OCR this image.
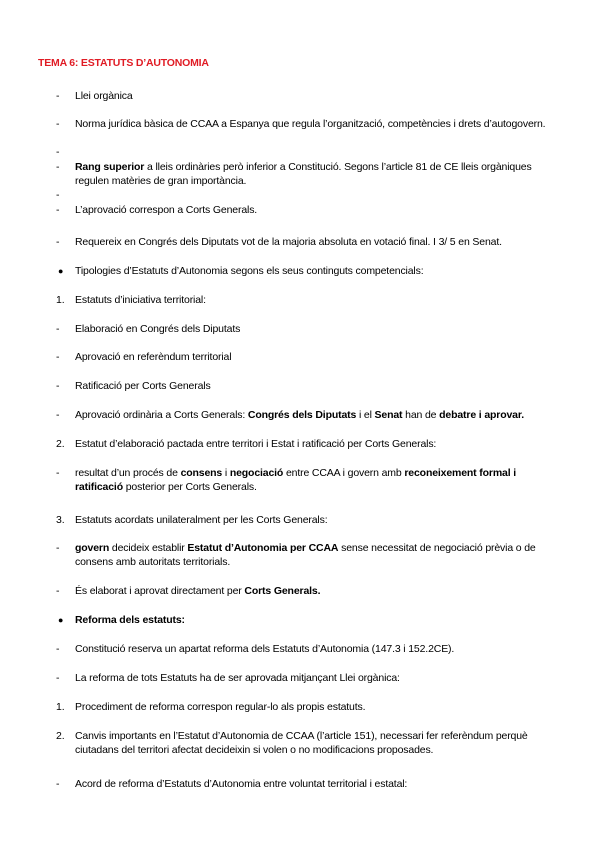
TEMA 6: ESTATUTS D’AUTONOMIA
-	Llei orgànica
-	Norma jurídica bàsica de CCAA a Espanya que regula l’organització, competències i drets d’autogovern.
-
-	Rang superior a lleis ordinàries però inferior a Constitució. Segons l’article 81 de CE lleis orgàniques regulen matèries de gran importància.
-
-	L’aprovació correspon a Corts Generals.
-	Requereix en Congrés dels Diputats vot de la majoria absoluta en votació final. I 3/ 5 en Senat.
●	Tipologies d’Estatuts d’Autonomia segons els seus continguts competencials:
1.	Estatuts d’iniciativa territorial:
-	Elaboració en Congrés dels Diputats
-	Aprovació en referèndum territorial
-	Ratificació per Corts Generals
-	Aprovació ordinària a Corts Generals: Congrés dels Diputats i el Senat han de debatre i aprovar.
2.	Estatut d’elaboració pactada entre territori i Estat i ratificació per Corts Generals:
-	resultat d’un procés de consens i negociació entre CCAA i govern amb reconeixement formal i ratificació posterior per Corts Generals.
3.	Estatuts acordats unilateralment per les Corts Generals:
-	govern decideix establir Estatut d’Autonomia per CCAA sense necessitat de negociació prèvia o de consens amb autoritats territorials.
-	És elaborat i aprovat directament per Corts Generals.
●	Reforma dels estatuts:
-	Constitució reserva un apartat reforma dels Estatuts d’Autonomia (147.3 i 152.2CE).
-	La reforma de tots Estatuts ha de ser aprovada mitjançant Llei orgànica:
1.	Procediment de reforma correspon regular-lo als propis estatuts.
2.	Canvis importants en l’Estatut d’Autonomia de CCAA (l’article 151), necessari fer referèndum perquè ciutadans del territori afectat decideixin si volen o no modificacions proposades.
-	Acord de reforma d’Estatuts d’Autonomia entre voluntat territorial i estatal:
